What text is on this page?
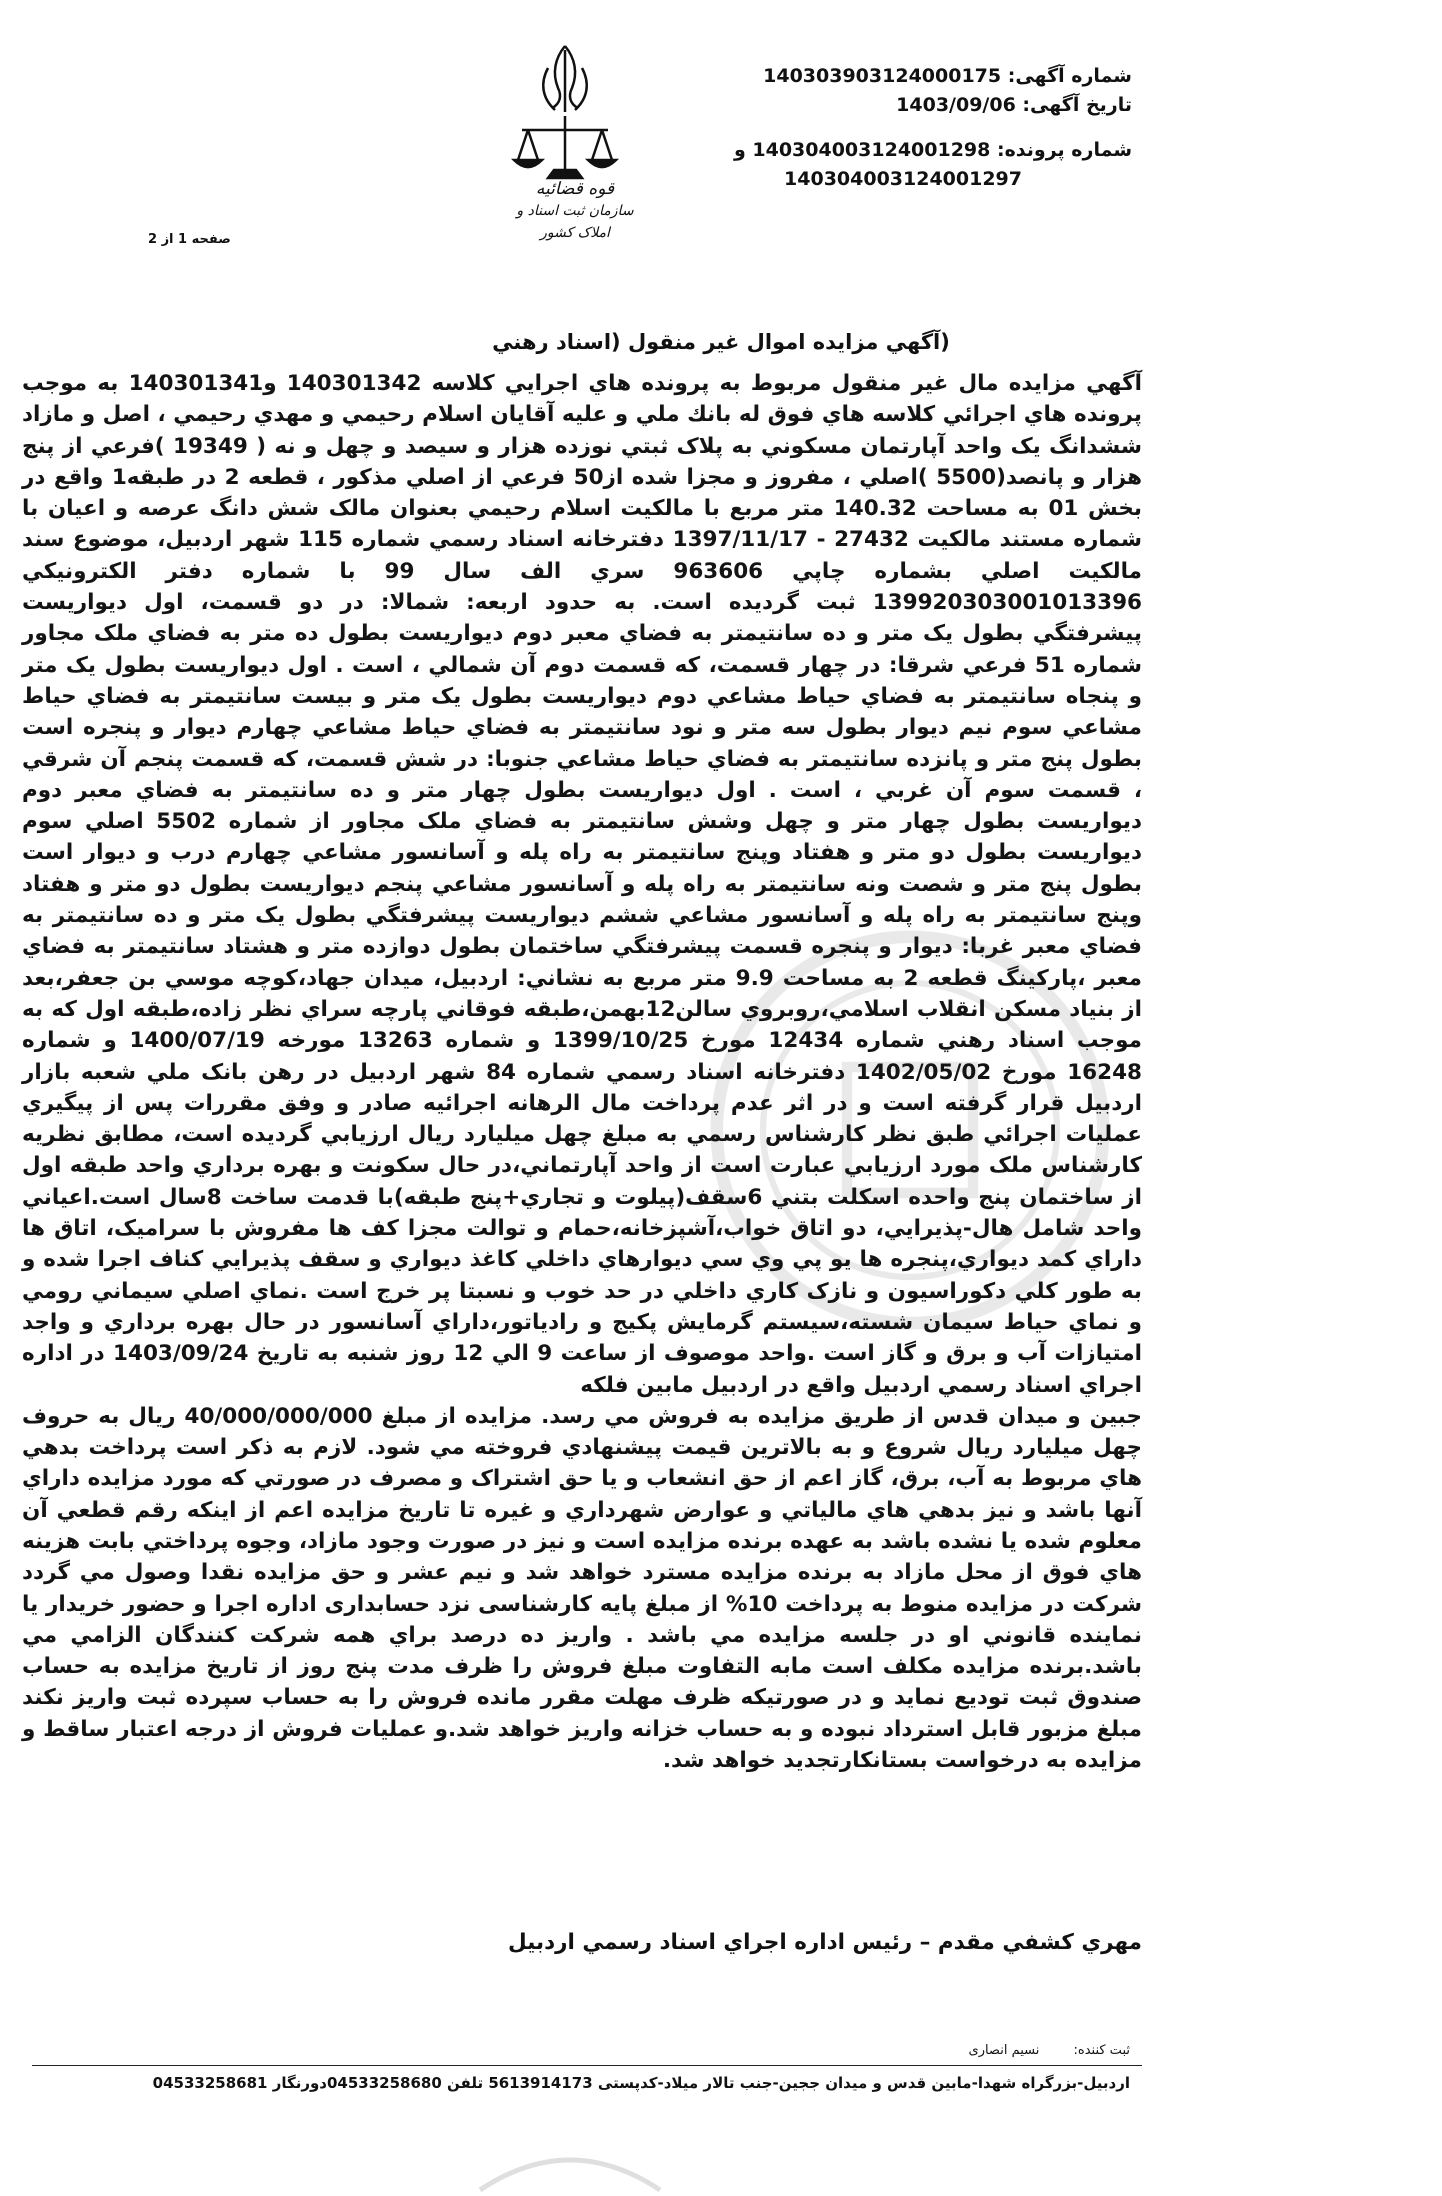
قوه قضائیه
سازمان ثبت اسناد و املاک کشور
شماره آگهی: 140303903124000175
تاریخ آگهی: 1403/09/06
شماره پرونده: 140304003124001298 و
140304003124001297
صفحه 1 از 2
(آگهي مزايده اموال غير منقول (اسناد رهني

آگهي مزايده مال غير منقول مربوط به پرونده هاي اجرايي كلاسه 140301342 و140301341 به موجب پرونده هاي اجرائي كلاسه هاي فوق له بانك ملي و عليه آقايان اسلام رحيمي و مهدي رحيمي ، اصل و مازاد ششدانگ يک واحد آپارتمان مسكوني به پلاک ثبتي نوزده هزار و سيصد و چهل و نه ( 19349 )فرعي از پنج هزار و پانصد(5500 )اصلي ، مفروز و مجزا شده از50 فرعي از اصلي مذكور ، قطعه 2 در طبقه1 واقع در بخش 01 به مساحت 140.32 متر مربع با مالكيت اسلام رحيمي بعنوان مالک شش دانگ عرصه و اعيان با شماره مستند مالكيت 27432 - 1397/11/17 دفترخانه اسناد رسمي شماره 115 شهر اردبيل، موضوع سند مالكيت اصلي بشماره چاپي 963606 سري الف سال 99 با شماره دفتر الكترونيكي 139920303001013396 ثبت گرديده است. به حدود اربعه: شمالا: در دو قسمت، اول ديواريست پيشرفتگي بطول يک متر و ده سانتيمتر به فضاي معبر دوم ديواريست بطول ده متر به فضاي ملک مجاور شماره 51 فرعي شرقا: در چهار قسمت، كه قسمت دوم آن شمالي ، است . اول ديواريست بطول يک متر و پنجاه سانتيمتر به فضاي حياط مشاعي دوم ديواريست بطول يک متر و بيست سانتيمتر به فضاي حياط مشاعي سوم نيم ديوار بطول سه متر و نود سانتيمتر به فضاي حياط مشاعي چهارم ديوار و پنجره است بطول پنج متر و پانزده سانتيمتر به فضاي حياط مشاعي جنوبا: در شش قسمت، كه قسمت پنجم آن شرقي ، قسمت سوم آن غربي ، است . اول ديواريست بطول چهار متر و ده سانتيمتر به فضاي معبر دوم ديواريست بطول چهار متر و چهل وشش سانتيمتر به فضاي ملک مجاور از شماره 5502 اصلي سوم ديواريست بطول دو متر و هفتاد وپنج سانتيمتر به راه پله و آسانسور مشاعي چهارم درب و ديوار است بطول پنج متر و شصت ونه سانتيمتر به راه پله و آسانسور مشاعي پنجم ديواريست بطول دو متر و هفتاد وپنج سانتيمتر به راه پله و آسانسور مشاعي ششم ديواريست پيشرفتگي بطول يک متر و ده سانتيمتر به فضاي معبر غربا: ديوار و پنجره قسمت پيشرفتگي ساختمان بطول دوازده متر و هشتاد سانتيمتر به فضاي معبر ،پاركينگ قطعه 2 به مساحت 9.9 متر مربع به نشاني: اردبيل، ميدان جهاد،كوچه موسي بن جعفر،بعد از بنياد مسكن انقلاب اسلامي،روبروي سالن12بهمن،طبقه فوقاني پارچه سراي نظر زاده،طبقه اول كه به موجب اسناد رهني شماره 12434 مورخ 1399/10/25 و شماره 13263 مورخه 1400/07/19 و شماره 16248 مورخ 1402/05/02 دفترخانه اسناد رسمي شماره 84 شهر اردبيل در رهن بانک ملي شعبه بازار اردبيل قرار گرفته است و در اثر عدم پرداخت مال الرهانه اجرائيه صادر و وفق مقررات پس از پيگيري عمليات اجرائي طبق نظر كارشناس رسمي به مبلغ چهل ميليارد ريال ارزيابي گرديده است، مطابق نظريه كارشناس ملک مورد ارزيابي عبارت است از واحد آپارتماني،در حال سكونت و بهره برداري واحد طبقه اول از ساختمان پنج واحده اسكلت بتني 6سقف(پيلوت و تجاري+پنج طبقه)با قدمت ساخت 8سال است.اعياني واحد شامل هال-پذيرايي، دو اتاق خواب،آشپزخانه،حمام و توالت مجزا كف ها مفروش با سراميک، اتاق ها داراي كمد ديواري،پنجره ها يو پي وي سي ديوارهاي داخلي كاغذ ديواري و سقف پذيرايي كناف اجرا شده و به طور كلي دكوراسيون و نازک كاري داخلي در حد خوب و نسبتا پر خرج است .نماي اصلي سيماني رومي و نماي حياط سيمان شسته،سيستم گرمايش پكيج و رادياتور،داراي آسانسور در حال بهره برداري و واجد امتيازات آب و برق و گاز است .واحد موصوف از ساعت 9 الي 12 روز شنبه به تاريخ 1403/09/24 در اداره اجراي اسناد رسمي اردبيل واقع در اردبيل مابين فلكه

جبين و ميدان قدس از طريق مزايده به فروش مي رسد. مزايده از مبلغ 40/000/000/000 ريال به حروف چهل ميليارد ريال شروع و به بالاترين قيمت پيشنهادي فروخته مي شود. لازم به ذكر است پرداخت بدهي هاي مربوط به آب، برق، گاز اعم از حق انشعاب و يا حق اشتراک و مصرف در صورتي كه مورد مزايده داراي آنها باشد و نيز بدهي هاي مالياتي و عوارض شهرداري و غيره تا تاريخ مزايده اعم از اينكه رقم قطعي آن معلوم شده يا نشده باشد به عهده برنده مزايده است و نيز در صورت وجود مازاد، وجوه پرداختي بابت هزينه هاي فوق از محل مازاد به برنده مزايده مسترد خواهد شد و نيم عشر و حق مزايده نقدا وصول مي گردد شركت در مزايده منوط به پرداخت 10% از مبلغ پايه كارشناسی نزد حسابداری اداره اجرا و حضور خريدار يا نماينده قانوني او در جلسه مزايده مي باشد . واريز ده درصد براي همه شركت كنندگان الزامي مي باشد.برنده مزايده مكلف است مابه التفاوت مبلغ فروش را ظرف مدت پنج روز از تاريخ مزايده به حساب صندوق ثبت توديع نمايد و در صورتيكه ظرف مهلت مقرر مانده فروش را به حساب سپرده ثبت واريز نكند مبلغ مزبور قابل استرداد نبوده و به حساب خزانه واريز خواهد شد.و عمليات فروش از درجه اعتبار ساقط و مزايده به درخواست بستانكارتجديد خواهد شد.

مهري كشفي مقدم – رئيس اداره اجراي اسناد رسمي اردبيل
ثبت کننده: نسیم انصاری
اردبیل-بزرگراه شهدا-مابین قدس و میدان ججین-جنب تالار میلاد-کدپستی 5613914173 تلفن 04533258680دورنگار 04533258681
